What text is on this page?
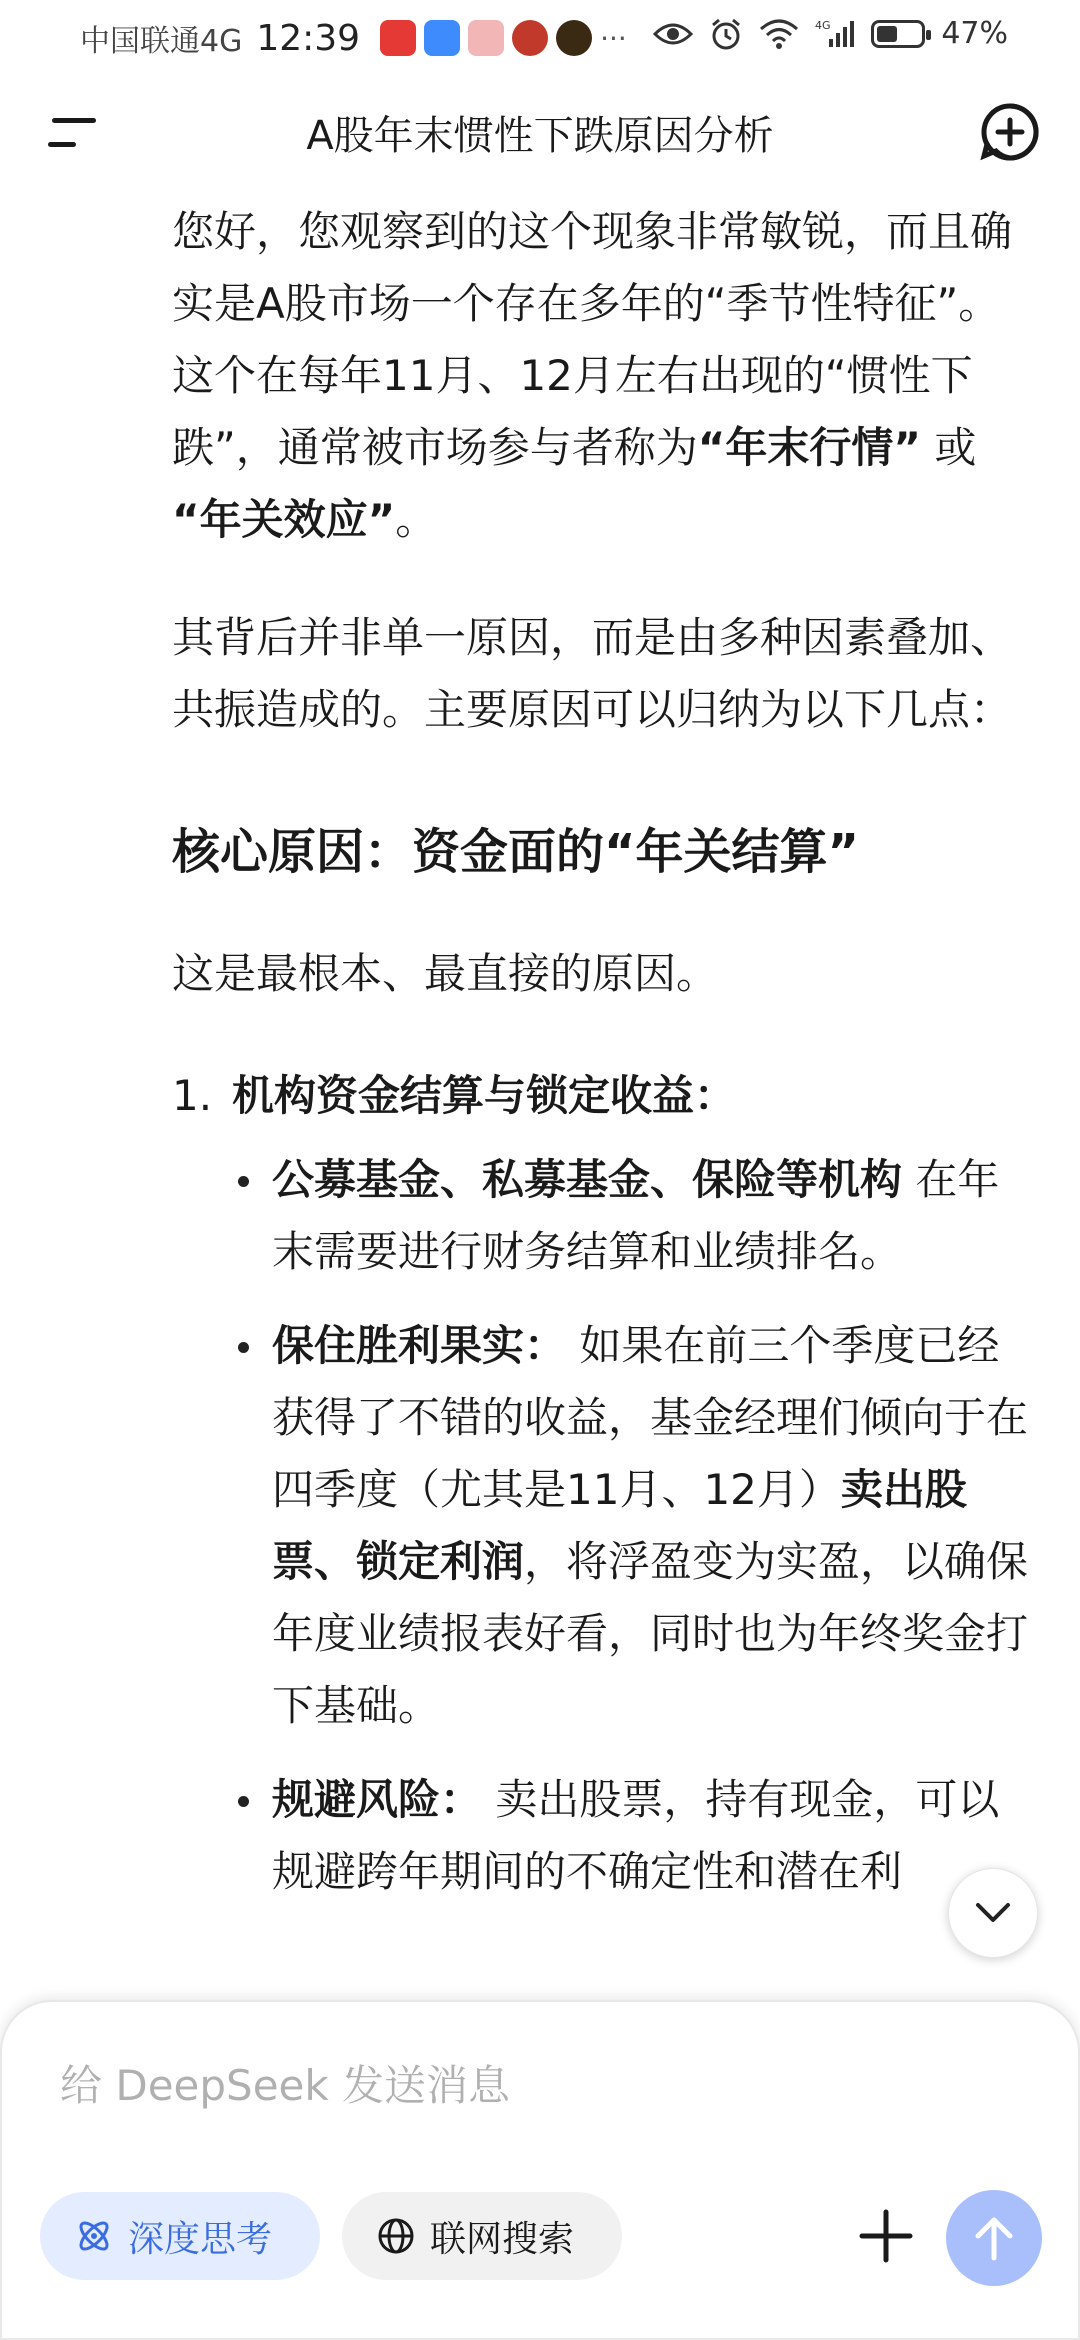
中国联通4G 12:39	···	4G	47%
A股年末惯性下跌原因分析

您好，您观察到的这个现象非常敏锐，而且确实是A股市场一个存在多年的“季节性特征”。这个在每年11月、12月左右出现的“惯性下跌”，通常被市场参与者称为“年末行情” 或 “年关效应”。

其背后并非单一原因，而是由多种因素叠加、共振造成的。主要原因可以归纳为以下几点：

核心原因：资金面的“年关结算”

这是最根本、最直接的原因。

1. 机构资金结算与锁定收益：
公募基金、私募基金、保险等机构 在年末需要进行财务结算和业绩排名。
保住胜利果实： 如果在前三个季度已经获得了不错的收益，基金经理们倾向于在四季度（尤其是11月、12月）卖出股票、锁定利润，将浮盈变为实盈，以确保年度业绩报表好看，同时也为年终奖金打下基础。
规避风险： 卖出股票，持有现金，可以规避跨年期间的不确定性和潜在利
给 DeepSeek 发送消息
深度思考	联网搜索
